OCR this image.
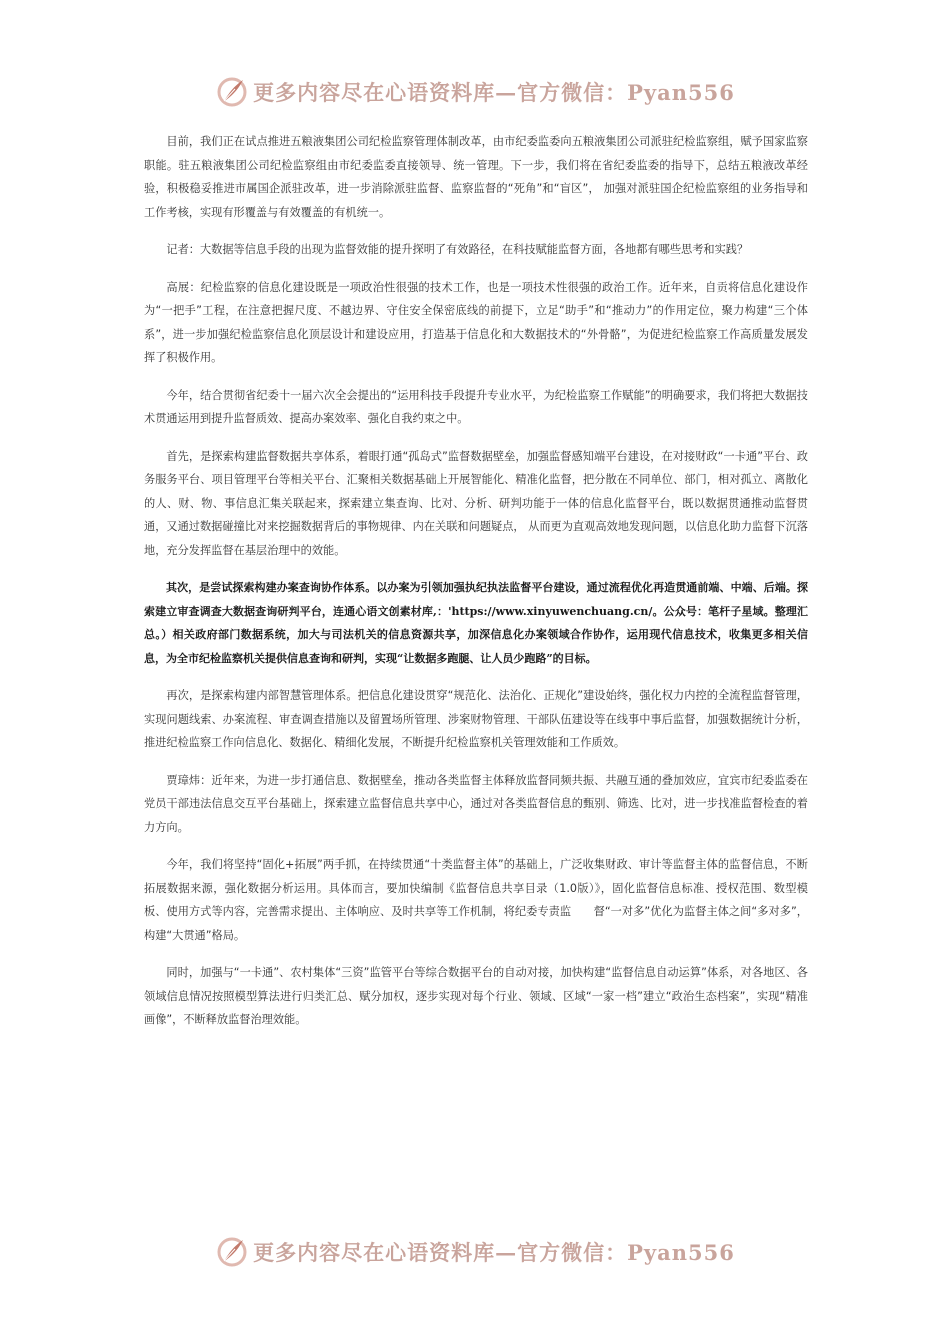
更多内容尽在心语资料库—官方微信：Pyan556

目前，我们正在试点推进五粮液集团公司纪检监察管理体制改革，由市纪委监委向五粮液集团公司派驻纪检监察组，赋予国家监察职能。驻五粮液集团公司纪检监察组由市纪委监委直接领导、统一管理。下一步，我们将在省纪委监委的指导下，总结五粮液改革经验，积极稳妥推进市属国企派驻改革，进一步消除派驻监督、监察监督的“死角”和“盲区”， 加强对派驻国企纪检监察组的业务指导和工作考核，实现有形覆盖与有效覆盖的有机统一。

记者：大数据等信息手段的出现为监督效能的提升探明了有效路径，在科技赋能监督方面，各地都有哪些思考和实践？

高展：纪检监察的信息化建设既是一项政治性很强的技术工作，也是一项技术性很强的政治工作。近年来，自贡将信息化建设作为“一把手”工程，在注意把握尺度、不越边界、守住安全保密底线的前提下，立足“助手”和“推动力”的作用定位，聚力构建“三个体系”，进一步加强纪检监察信息化顶层设计和建设应用，打造基于信息化和大数据技术的“外骨骼”，为促进纪检监察工作高质量发展发挥了积极作用。

今年，结合贯彻省纪委十一届六次全会提出的“运用科技手段提升专业水平，为纪检监察工作赋能”的明确要求，我们将把大数据技术贯通运用到提升监督质效、提高办案效率、强化自我约束之中。

首先，是探索构建监督数据共享体系，着眼打通“孤岛式”监督数据壁垒，加强监督感知端平台建设，在对接财政“一卡通”平台、政务服务平台、项目管理平台等相关平台、汇聚相关数据基础上开展智能化、精准化监督，把分散在不同单位、部门，相对孤立、离散化的人、财、物、事信息汇集关联起来，探索建立集查询、比对、分析、研判功能于一体的信息化监督平台，既以数据贯通推动监督贯通，又通过数据碰撞比对来挖掘数据背后的事物规律、内在关联和问题疑点， 从而更为直观高效地发现问题，以信息化助力监督下沉落地，充分发挥监督在基层治理中的效能。

其次，是尝试探索构建办案查询协作体系。以办案为引领加强执纪执法监督平台建设，通过流程优化再造贯通前端、中端、后端。探索建立审查调查大数据查询研判平台，连通心语文创素材库,：'https://www.xinyuwenchuang.cn/。公众号：笔杆子星域。整理汇总。）相关政府部门数据系统，加大与司法机关的信息资源共享，加深信息化办案领域合作协作，运用现代信息技术，收集更多相关信息，为全市纪检监察机关提供信息查询和研判，实现“让数据多跑腿、让人员少跑路”的目标。

再次，是探索构建内部智慧管理体系。把信息化建设贯穿“规范化、法治化、正规化”建设始终，强化权力内控的全流程监督管理，实现问题线索、办案流程、审查调查措施以及留置场所管理、涉案财物管理、干部队伍建设等在线事中事后监督，加强数据统计分析，推进纪检监察工作向信息化、数据化、精细化发展，不断提升纪检监察机关管理效能和工作质效。

贾璋炜：近年来，为进一步打通信息、数据壁垒，推动各类监督主体释放监督同频共振、共融互通的叠加效应，宜宾市纪委监委在党员干部违法信息交互平台基础上，探索建立监督信息共享中心，通过对各类监督信息的甄别、筛选、比对，进一步找准监督检查的着力方向。

今年，我们将坚持“固化+拓展”两手抓，在持续贯通“十类监督主体”的基础上，广泛收集财政、审计等监督主体的监督信息，不断拓展数据来源，强化数据分析运用。具体而言，要加快编制《监督信息共享目录（1.0版）》，固化监督信息标准、授权范围、数型模板、使用方式等内容，完善需求提出、主体响应、及时共享等工作机制，将纪委专责监　　督“一对多”优化为监督主体之间“多对多”，构建“大贯通”格局。

同时，加强与“一卡通”、农村集体“三资”监管平台等综合数据平台的自动对接，加快构建“监督信息自动运算”体系，对各地区、各领域信息情况按照模型算法进行归类汇总、赋分加权，逐步实现对每个行业、领域、区域“一家一档”建立“政治生态档案”，实现“精准画像”，不断释放监督治理效能。

更多内容尽在心语资料库—官方微信：Pyan556
